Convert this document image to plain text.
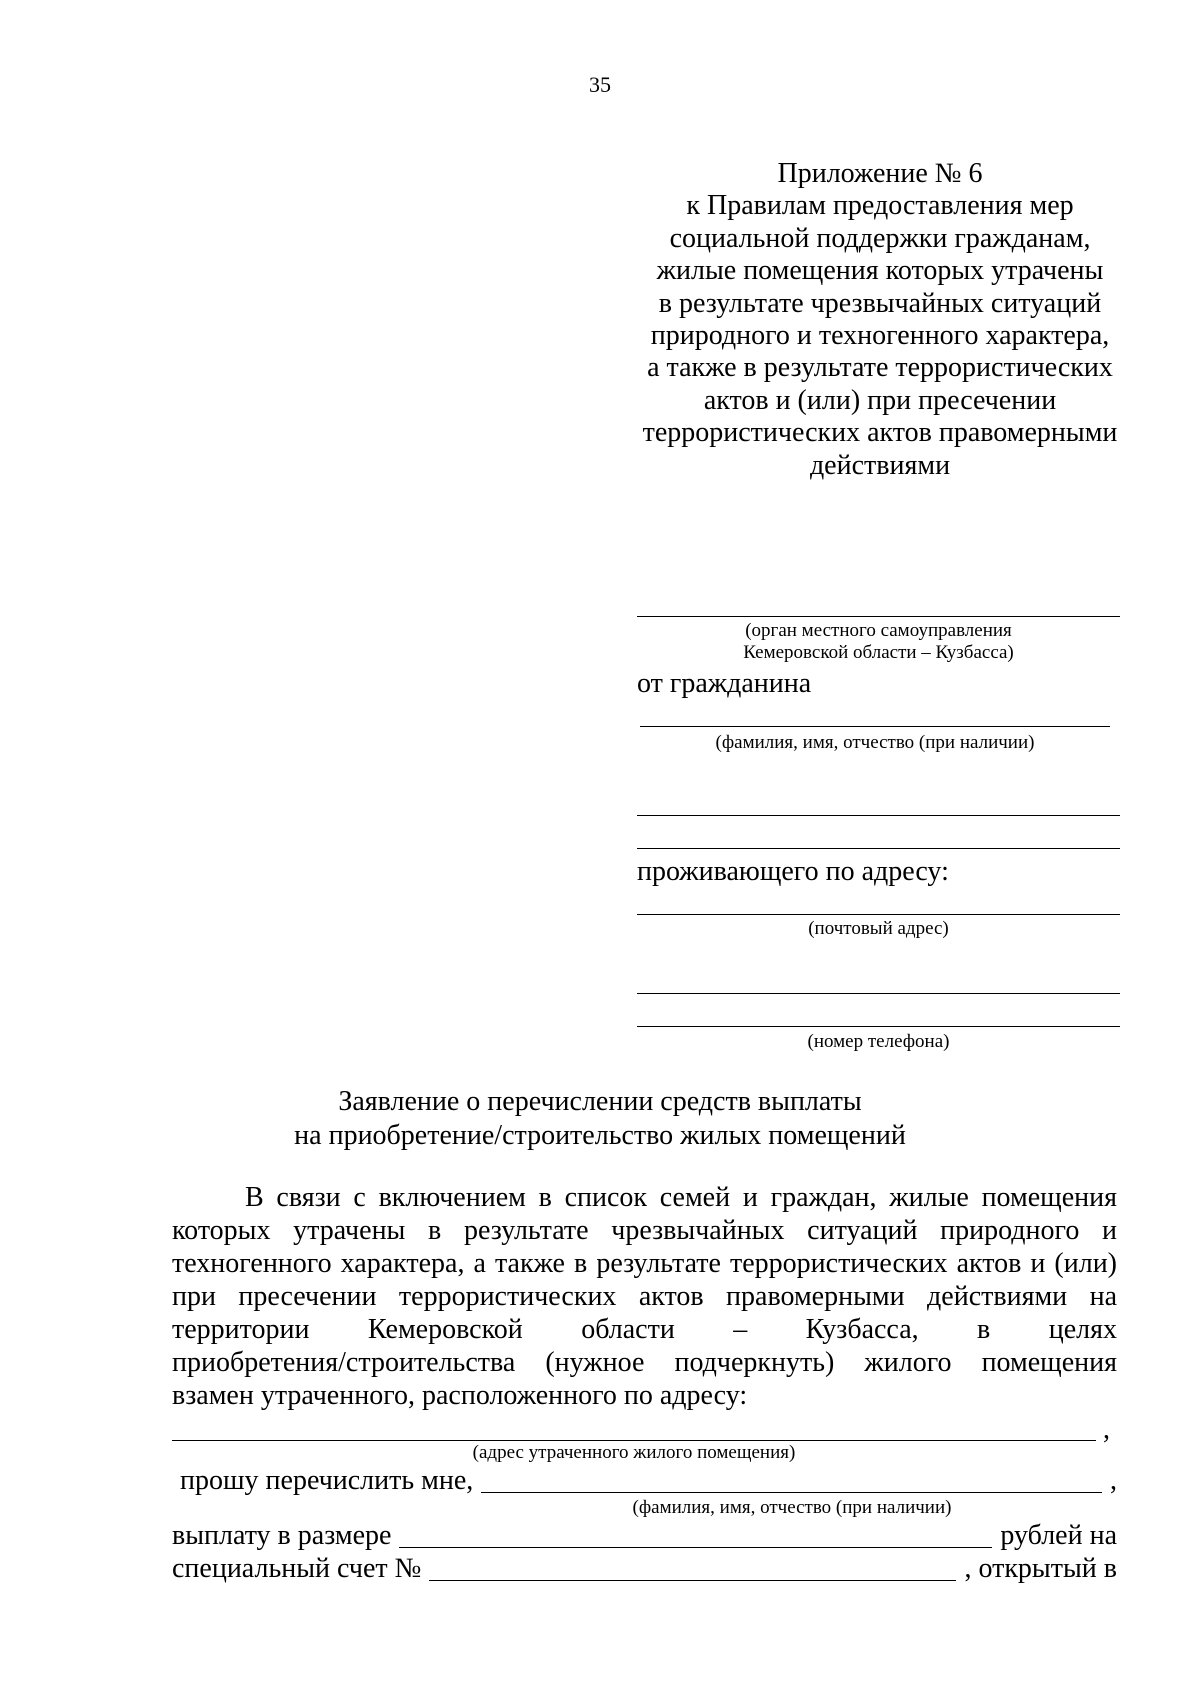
35
Приложение № 6
к Правилам предоставления мер
социальной поддержки гражданам,
жилые помещения которых утрачены
в результате чрезвычайных ситуаций
природного и техногенного характера,
а также в результате террористических
актов и (или) при пресечении
террористических актов правомерными
действиями
(орган местного самоуправления
Кемеровской области – Кузбасса)
от гражданина
(фамилия, имя, отчество (при наличии)
проживающего по адресу:
(почтовый адрес)
(номер телефона)
Заявление о перечислении средств выплаты
на приобретение/строительство жилых помещений
В связи с включением в список семей и граждан, жилые помещения
которых утрачены в результате чрезвычайных ситуаций природного и
техногенного характера, а также в результате террористических актов и (или)
при пресечении террористических актов правомерными действиями на
территории Кемеровской области – Кузбасса, в целях
приобретения/строительства (нужное подчеркнуть) жилого помещения
взамен утраченного, расположенного по адресу:
,
(адрес утраченного жилого помещения)
прошу перечислить мне,	,
(фамилия, имя, отчество (при наличии)
выплату в размере	рублей на
специальный счет №	, открытый в
